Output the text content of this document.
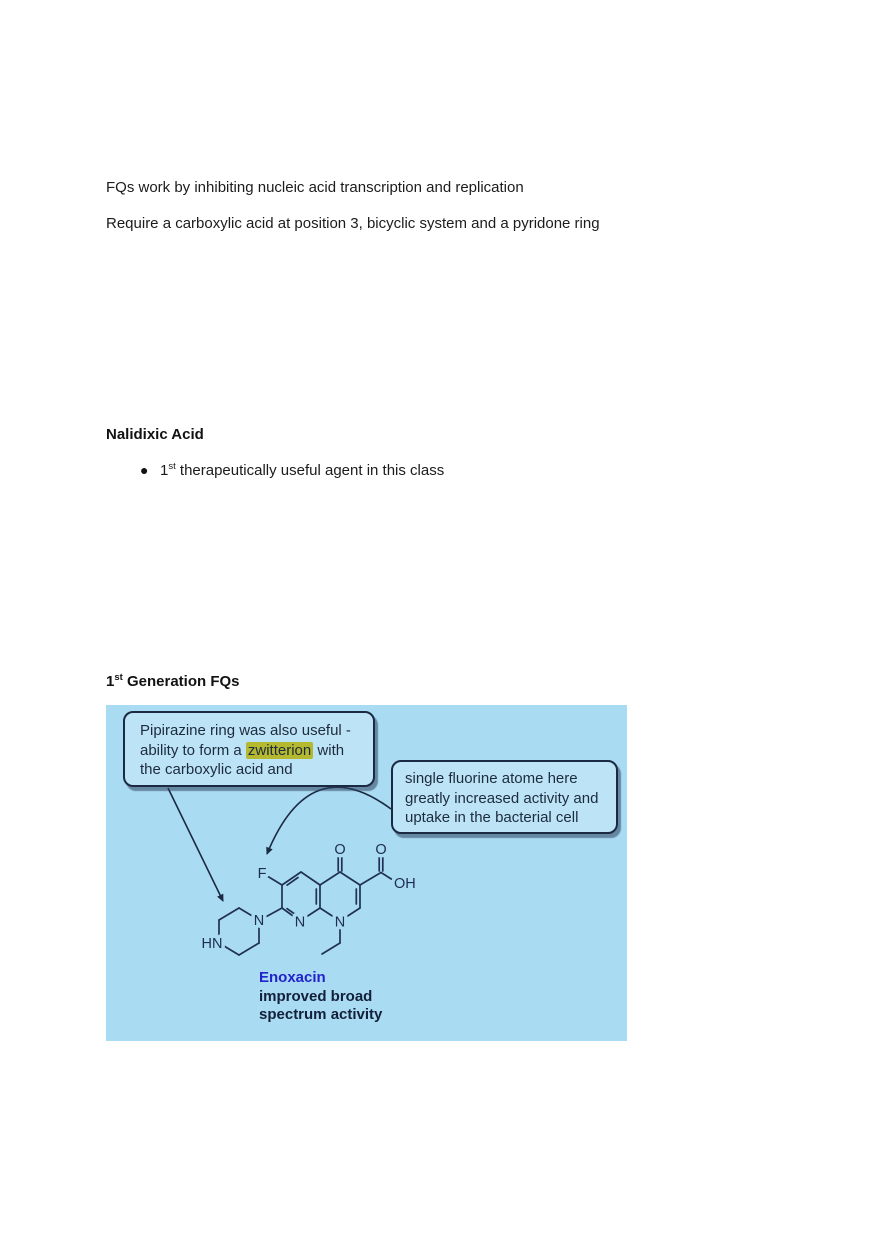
FQs work by inhibiting nucleic acid transcription and replication
Require a carboxylic acid at position 3, bicyclic system and a pyridone ring
Nalidixic Acid
● 1st therapeutically useful agent in this class
1st Generation FQs
F
O O
OH
N N N
HN
Pipirazine ring was also useful -
ability to form a zwitterion with
the carboxylic acid and
single fluorine atome here
greatly increased activity and
uptake in the bacterial cell
Enoxacin
improved broad
spectrum activity
